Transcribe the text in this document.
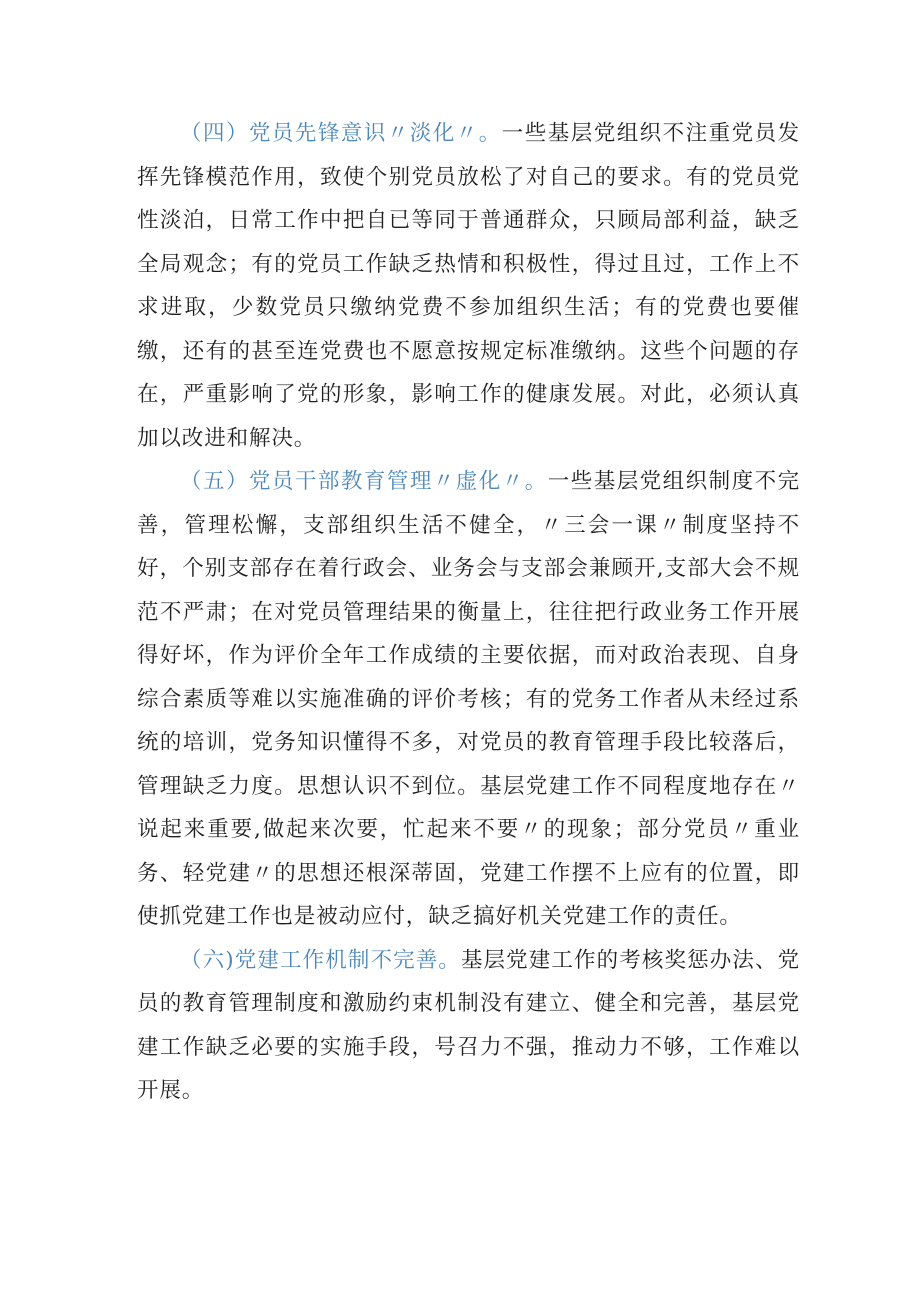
（四）党员先锋意识〃淡化〃。一些基层党组织不注重党员发挥先锋模范作用，致使个别党员放松了对自己的要求。有的党员党性淡泊，日常工作中把自已等同于普通群众，只顾局部利益，缺乏全局观念；有的党员工作缺乏热情和积极性，得过且过，工作上不求进取，少数党员只缴纳党费不参加组织生活；有的党费也要催缴，还有的甚至连党费也不愿意按规定标准缴纳。这些个问题的存在，严重影响了党的形象，影响工作的健康发展。对此，必须认真加以改进和解决。

（五）党员干部教育管理〃虚化〃。一些基层党组织制度不完善，管理松懈，支部组织生活不健全，〃三会一课〃制度坚持不好，个别支部存在着行政会、业务会与支部会兼顾开,支部大会不规范不严肃；在对党员管理结果的衡量上，往往把行政业务工作开展得好坏，作为评价全年工作成绩的主要依据，而对政治表现、自身综合素质等难以实施准确的评价考核；有的党务工作者从未经过系统的培训，党务知识懂得不多，对党员的教育管理手段比较落后，管理缺乏力度。思想认识不到位。基层党建工作不同程度地存在〃说起来重要,做起来次要，忙起来不要〃的现象；部分党员〃重业务、轻党建〃的思想还根深蒂固，党建工作摆不上应有的位置，即使抓党建工作也是被动应付，缺乏搞好机关党建工作的责任。

（六)党建工作机制不完善。基层党建工作的考核奖惩办法、党员的教育管理制度和激励约束机制没有建立、健全和完善，基层党建工作缺乏必要的实施手段，号召力不强，推动力不够，工作难以开展。
